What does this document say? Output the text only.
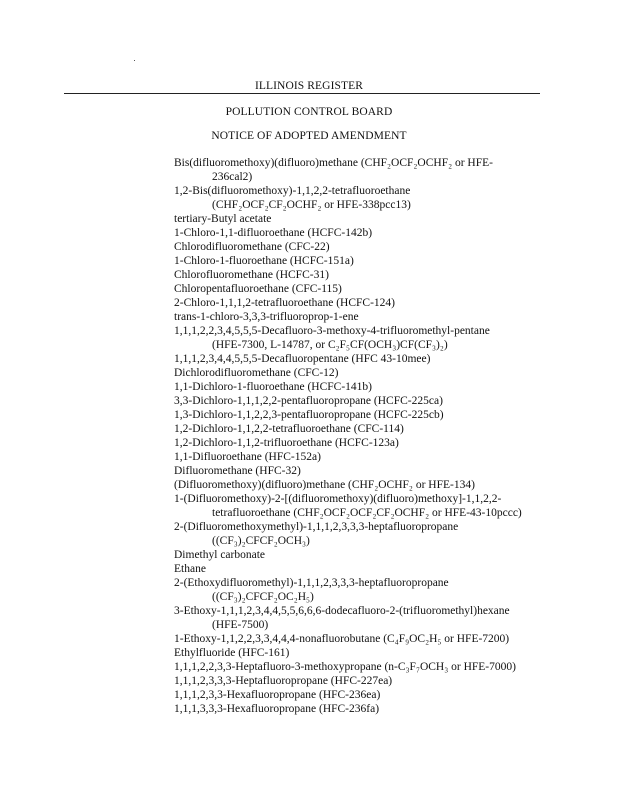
ILLINOIS REGISTER
POLLUTION CONTROL BOARD
NOTICE OF ADOPTED AMENDMENT
Bis(difluoromethoxy)(difluoro)methane (CHF₂OCF₂OCHF₂ or HFE-
236cal2)
1,2-Bis(difluoromethoxy)-1,1,2,2-tetrafluoroethane
(CHF₂OCF₂CF₂OCHF₂ or HFE-338pcc13)
tertiary-Butyl acetate
1-Chloro-1,1-difluoroethane (HCFC-142b)
Chlorodifluoromethane (CFC-22)
1-Chloro-1-fluoroethane (HCFC-151a)
Chlorofluoromethane (HCFC-31)
Chloropentafluoroethane (CFC-115)
2-Chloro-1,1,1,2-tetrafluoroethane (HCFC-124)
trans-1-chloro-3,3,3-trifluoroprop-1-ene
1,1,1,2,2,3,4,5,5,5-Decafluoro-3-methoxy-4-trifluoromethyl-pentane
(HFE-7300, L-14787, or C₂F₅CF(OCH₃)CF(CF₃)₂)
1,1,1,2,3,4,4,5,5,5-Decafluoropentane (HFC 43-10mee)
Dichlorodifluoromethane (CFC-12)
1,1-Dichloro-1-fluoroethane (HCFC-141b)
3,3-Dichloro-1,1,1,2,2-pentafluoropropane (HCFC-225ca)
1,3-Dichloro-1,1,2,2,3-pentafluoropropane (HCFC-225cb)
1,2-Dichloro-1,1,2,2-tetrafluoroethane (CFC-114)
1,2-Dichloro-1,1,2-trifluoroethane (HCFC-123a)
1,1-Difluoroethane (HFC-152a)
Difluoromethane (HFC-32)
(Difluoromethoxy)(difluoro)methane (CHF₂OCHF₂ or HFE-134)
1-(Difluoromethoxy)-2-[(difluoromethoxy)(difluoro)methoxy]-1,1,2,2-
tetrafluoroethane (CHF₂OCF₂OCF₂CF₂OCHF₂ or HFE-43-10pccc)
2-(Difluoromethoxymethyl)-1,1,1,2,3,3,3-heptafluoropropane
((CF₃)₂CFCF₂OCH₃)
Dimethyl carbonate
Ethane
2-(Ethoxydifluoromethyl)-1,1,1,2,3,3,3-heptafluoropropane
((CF₃)₂CFCF₂OC₂H₅)
3-Ethoxy-1,1,1,2,3,4,4,5,5,6,6,6-dodecafluoro-2-(trifluoromethyl)hexane
(HFE-7500)
1-Ethoxy-1,1,2,2,3,3,4,4,4-nonafluorobutane (C₄F₉OC₂H₅ or HFE-7200)
Ethylfluoride (HFC-161)
1,1,1,2,2,3,3-Heptafluoro-3-methoxypropane (n-C₃F₇OCH₃ or HFE-7000)
1,1,1,2,3,3,3-Heptafluoropropane (HFC-227ea)
1,1,1,2,3,3-Hexafluoropropane (HFC-236ea)
1,1,1,3,3,3-Hexafluoropropane (HFC-236fa)
